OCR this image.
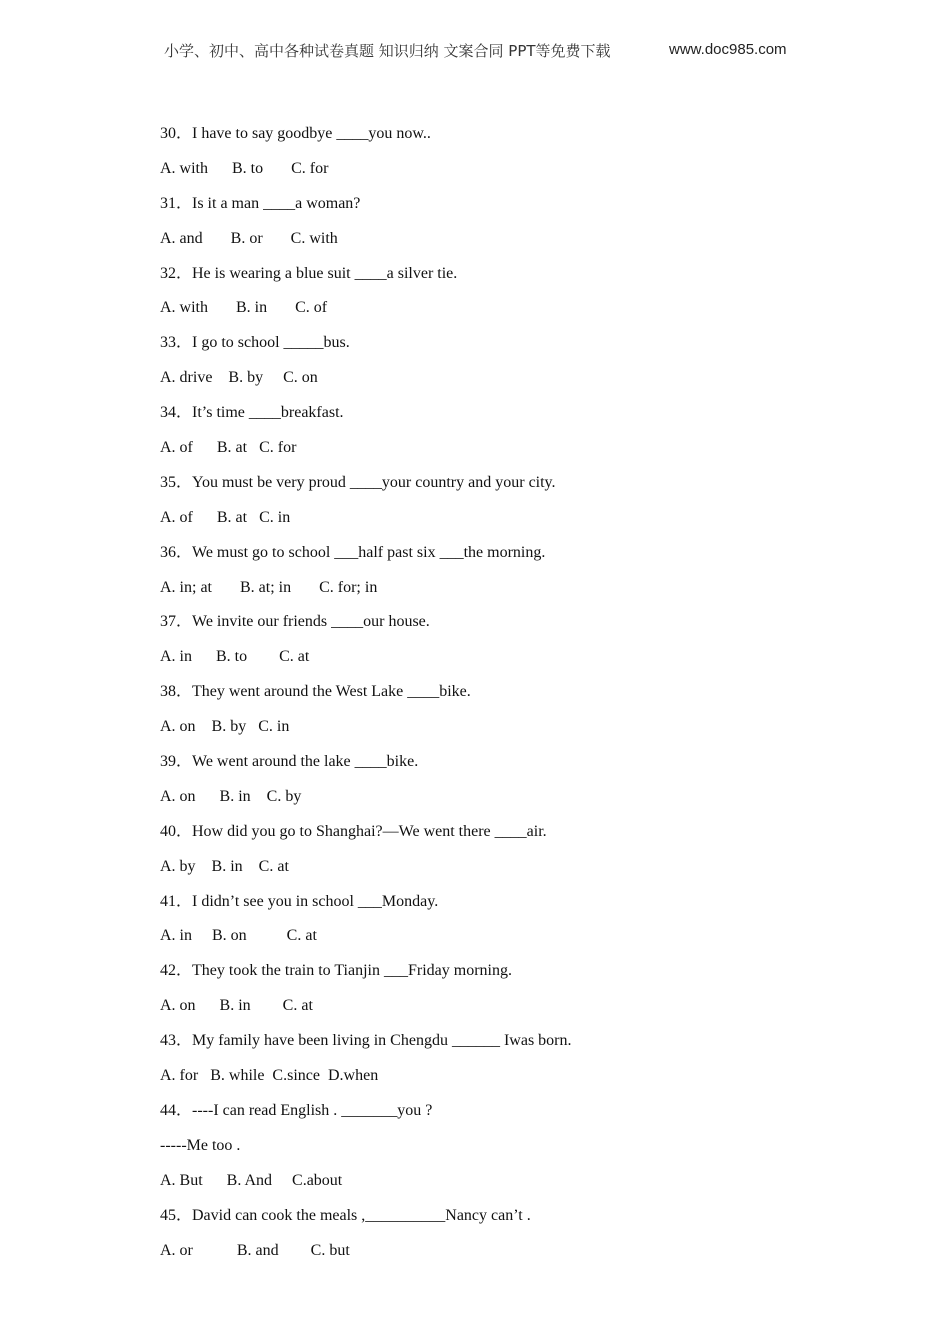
小学、初中、高中各种试卷真题 知识归纳 文案合同 PPT等免费下载	www.doc985.com
30．I have to say goodbye ____you now..
A. with      B. to       C. for
31．Is it a man ____a woman?
A. and       B. or       C. with
32．He is wearing a blue suit ____a silver tie.
A. with       B. in       C. of
33．I go to school _____bus.
A. drive    B. by     C. on
34．It’s time ____breakfast.
A. of      B. at   C. for
35．You must be very proud ____your country and your city.
A. of      B. at   C. in
36．We must go to school ___half past six ___the morning.
A. in; at       B. at; in       C. for; in
37．We invite our friends ____our house.
A. in      B. to        C. at
38．They went around the West Lake ____bike.
A. on    B. by   C. in
39．We went around the lake ____bike.
A. on      B. in    C. by
40．How did you go to Shanghai?—We went there ____air.
A. by    B. in    C. at
41．I didn’t see you in school ___Monday.
A. in     B. on          C. at
42．They took the train to Tianjin ___Friday morning.
A. on      B. in        C. at
43．My family have been living in Chengdu ______ Iwas born.
A. for   B. while  C.since  D.when
44．----I can read English . _______you ?
-----Me too .
A. But      B. And     C.about
45．David can cook the meals ,__________Nancy can’t .
A. or           B. and        C. but
